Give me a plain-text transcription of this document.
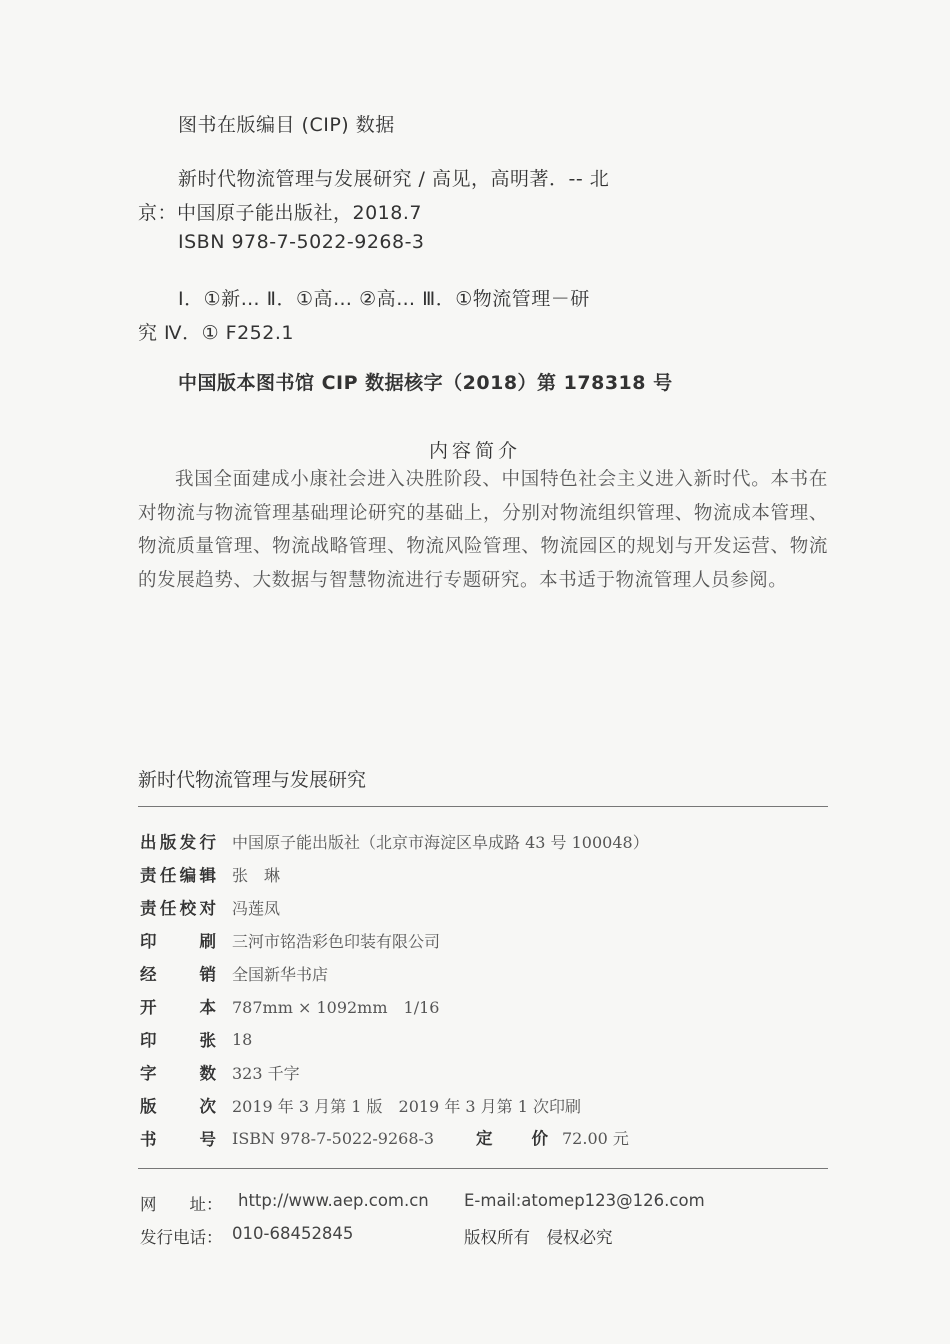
图书在版编目 (CIP) 数据
新时代物流管理与发展研究 / 高见，高明著．-- 北
京：中国原子能出版社，2018.7
ISBN 978-7-5022-9268-3
Ⅰ．①新… Ⅱ．①高… ②高… Ⅲ．①物流管理－研
究 Ⅳ．① F252.1
中国版本图书馆 CIP 数据核字（2018）第 178318 号
内容简介

我国全面建成小康社会进入决胜阶段、中国特色社会主义进入新时代。本书在对物流与物流管理基础理论研究的基础上，分别对物流组织管理、物流成本管理、物流质量管理、物流战略管理、物流风险管理、物流园区的规划与开发运营、物流的发展趋势、大数据与智慧物流进行专题研究。本书适于物流管理人员参阅。

新时代物流管理与发展研究
出 版 发 行 中国原子能出版社（北京市海淀区阜成路 43 号 100048）
责 任 编 辑 张　琳
责 任 校 对 冯莲凤
印	刷 三河市铭浩彩色印装有限公司
经	销 全国新华书店
开	本 787mm × 1092mm　1/16
印	张 18
字	数 323 千字
版	次 2019 年 3 月第 1 版　2019 年 3 月第 1 次印刷
书	号 ISBN 978-7-5022-9268-3	定 价 72.00 元
网　　址： http://www.aep.com.cn E-mail:atomep123@126.com
发行电话： 010-68452845	版权所有　侵权必究
